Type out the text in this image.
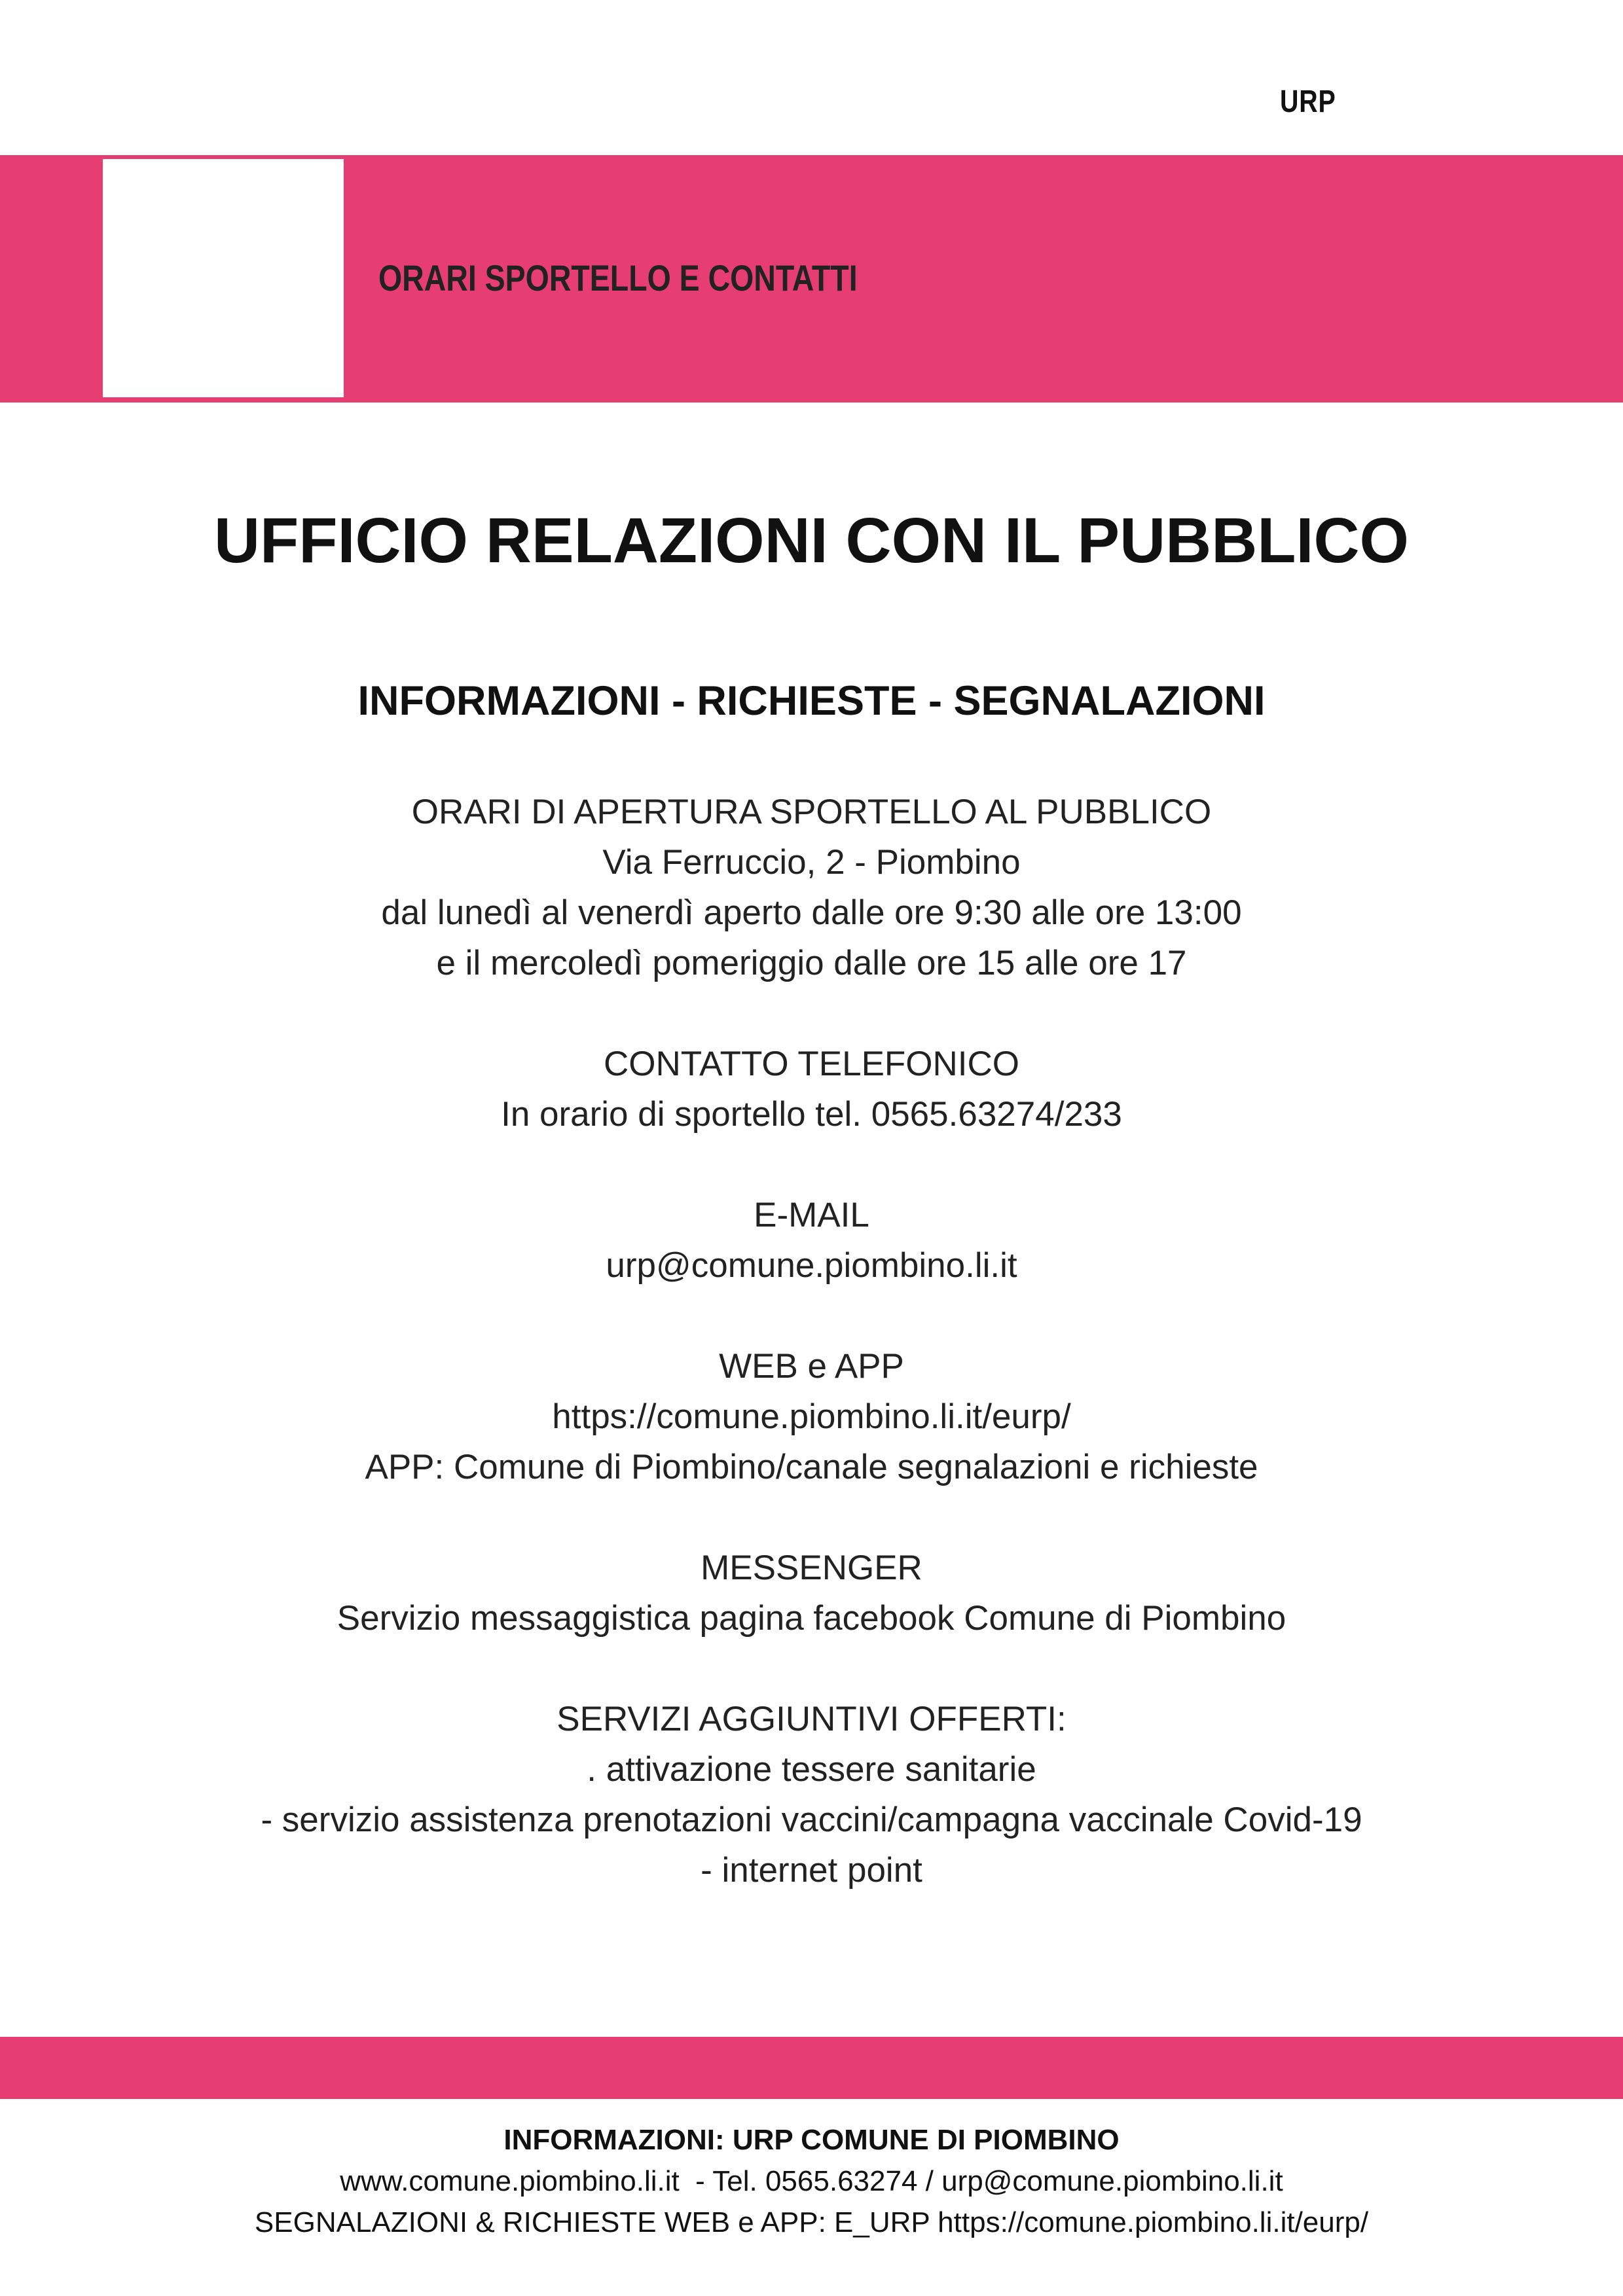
URP
ORARI SPORTELLO E CONTATTI
UFFICIO RELAZIONI CON IL PUBBLICO
INFORMAZIONI - RICHIESTE - SEGNALAZIONI
ORARI DI APERTURA SPORTELLO AL PUBBLICO
Via Ferruccio, 2 - Piombino
dal lunedì al venerdì aperto dalle ore 9:30 alle ore 13:00
e il mercoledì pomeriggio dalle ore 15 alle ore 17
CONTATTO TELEFONICO
In orario di sportello tel. 0565.63274/233
E-MAIL
urp@comune.piombino.li.it
WEB e APP
https://comune.piombino.li.it/eurp/
APP: Comune di Piombino/canale segnalazioni e richieste
MESSENGER
Servizio messaggistica pagina facebook Comune di Piombino
SERVIZI AGGIUNTIVI OFFERTI:
. attivazione tessere sanitarie
- servizio assistenza prenotazioni vaccini/campagna vaccinale Covid-19
- internet point
INFORMAZIONI: URP COMUNE DI PIOMBINO
www.comune.piombino.li.it  - Tel. 0565.63274 / urp@comune.piombino.li.it
SEGNALAZIONI & RICHIESTE WEB e APP: E_URP https://comune.piombino.li.it/eurp/
